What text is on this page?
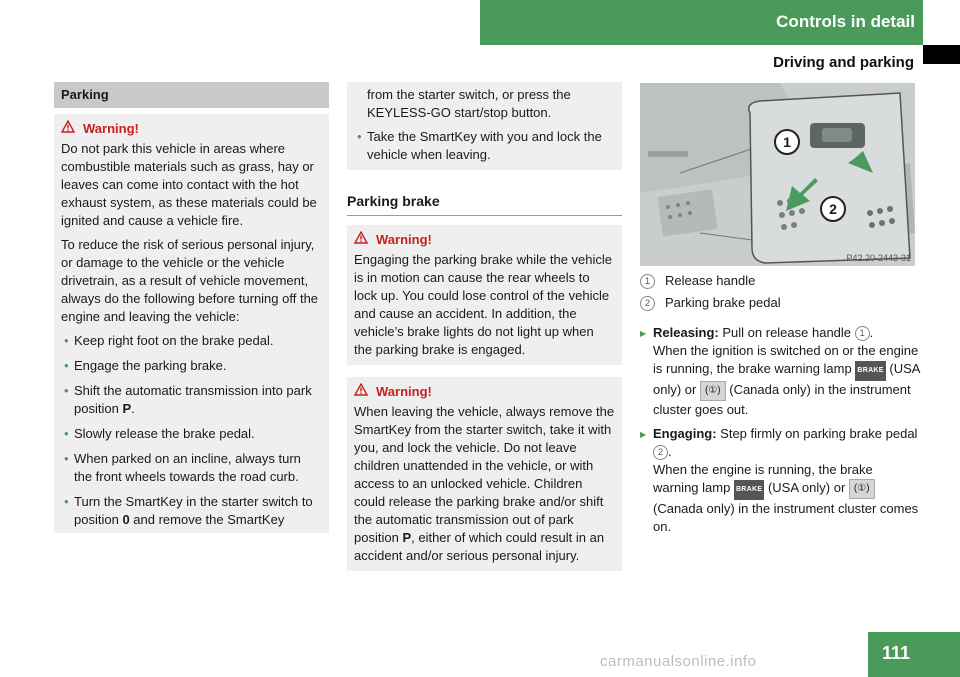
Controls in detail
Driving and parking
Parking
Warning!

Do not park this vehicle in areas where combustible materials such as grass, hay or leaves can come into contact with the hot exhaust system, as these materials could be ignited and cause a vehicle fire.

To reduce the risk of serious personal injury, or damage to the vehicle or the vehicle drivetrain, as a result of vehicle movement, always do the following before turning off the engine and leaving the vehicle:

• Keep right foot on the brake pedal.
• Engage the parking brake.
• Shift the automatic transmission into park position P.
• Slowly release the brake pedal.
• When parked on an incline, always turn the front wheels towards the road curb.
• Turn the SmartKey in the starter switch to position 0 and remove the SmartKey
from the starter switch, or press the KEYLESS-GO start/stop button.
• Take the SmartKey with you and lock the vehicle when leaving.
Parking brake
Warning!

Engaging the parking brake while the vehicle is in motion can cause the rear wheels to lock up. You could lose control of the vehicle and cause an accident. In addition, the vehicle’s brake lights do not light up when the parking brake is engaged.

Warning!

When leaving the vehicle, always remove the SmartKey from the starter switch, take it with you, and lock the vehicle. Do not leave children unattended in the vehicle, or with access to an unlocked vehicle. Children could release the parking brake and/or shift the automatic transmission out of park position P, either of which could result in an accident and/or serious personal injury.

1
2
P42.20-2443-31
1	Release handle
2	Parking brake pedal
▶ Releasing: Pull on release handle 1 .
When the ignition is switched on or the engine is running, the brake warning lamp BRAKE (USA only) or (①) (Canada only) in the instrument cluster goes out.
▶ Engaging: Step firmly on parking brake pedal 2 .
When the engine is running, the brake warning lamp BRAKE (USA only) or (①) (Canada only) in the instrument cluster comes on.
carmanualsonline.info	111
